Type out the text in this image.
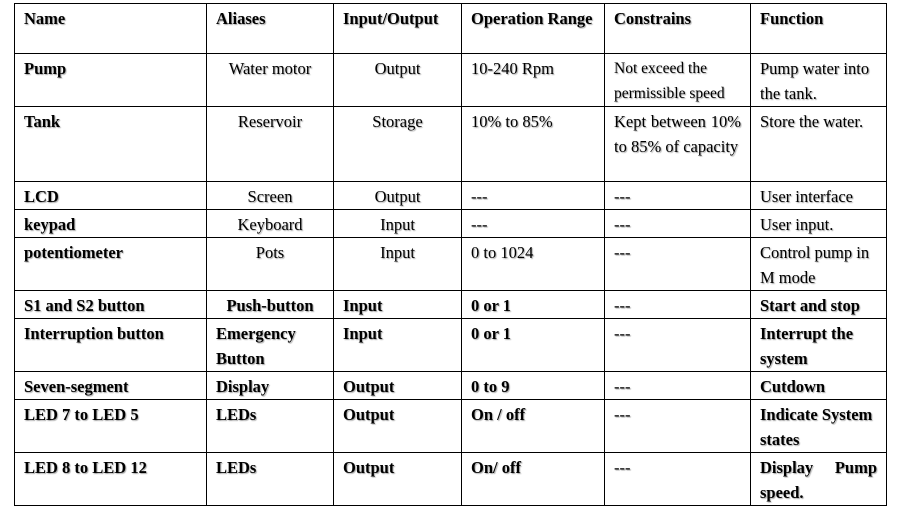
Name	Aliases	Input/Output	Operation Range	Constrains	Function
Pump	Water motor	Output	10-240 Rpm	Not exceed the permissible speed	Pump water into the tank.
Tank	Reservoir	Storage	10% to 85%	Kept between 10% to 85% of capacity	Store the water.
LCD	Screen	Output	---	---	User interface
keypad	Keyboard	Input	---	---	User input.
potentiometer	Pots	Input	0 to 1024	---	Control pump in M mode
S1 and S2 button	Push-button	Input	0 or 1	---	Start and stop
Interruption button	Emergency Button	Input	0 or 1	---	Interrupt the system
Seven-segment	Display	Output	0 to 9	---	Cutdown
LED 7 to LED 5	LEDs	Output	On / off	---	Indicate System states
LED 8 to LED 12	LEDs	Output	On/ off	---	Display Pump speed.
